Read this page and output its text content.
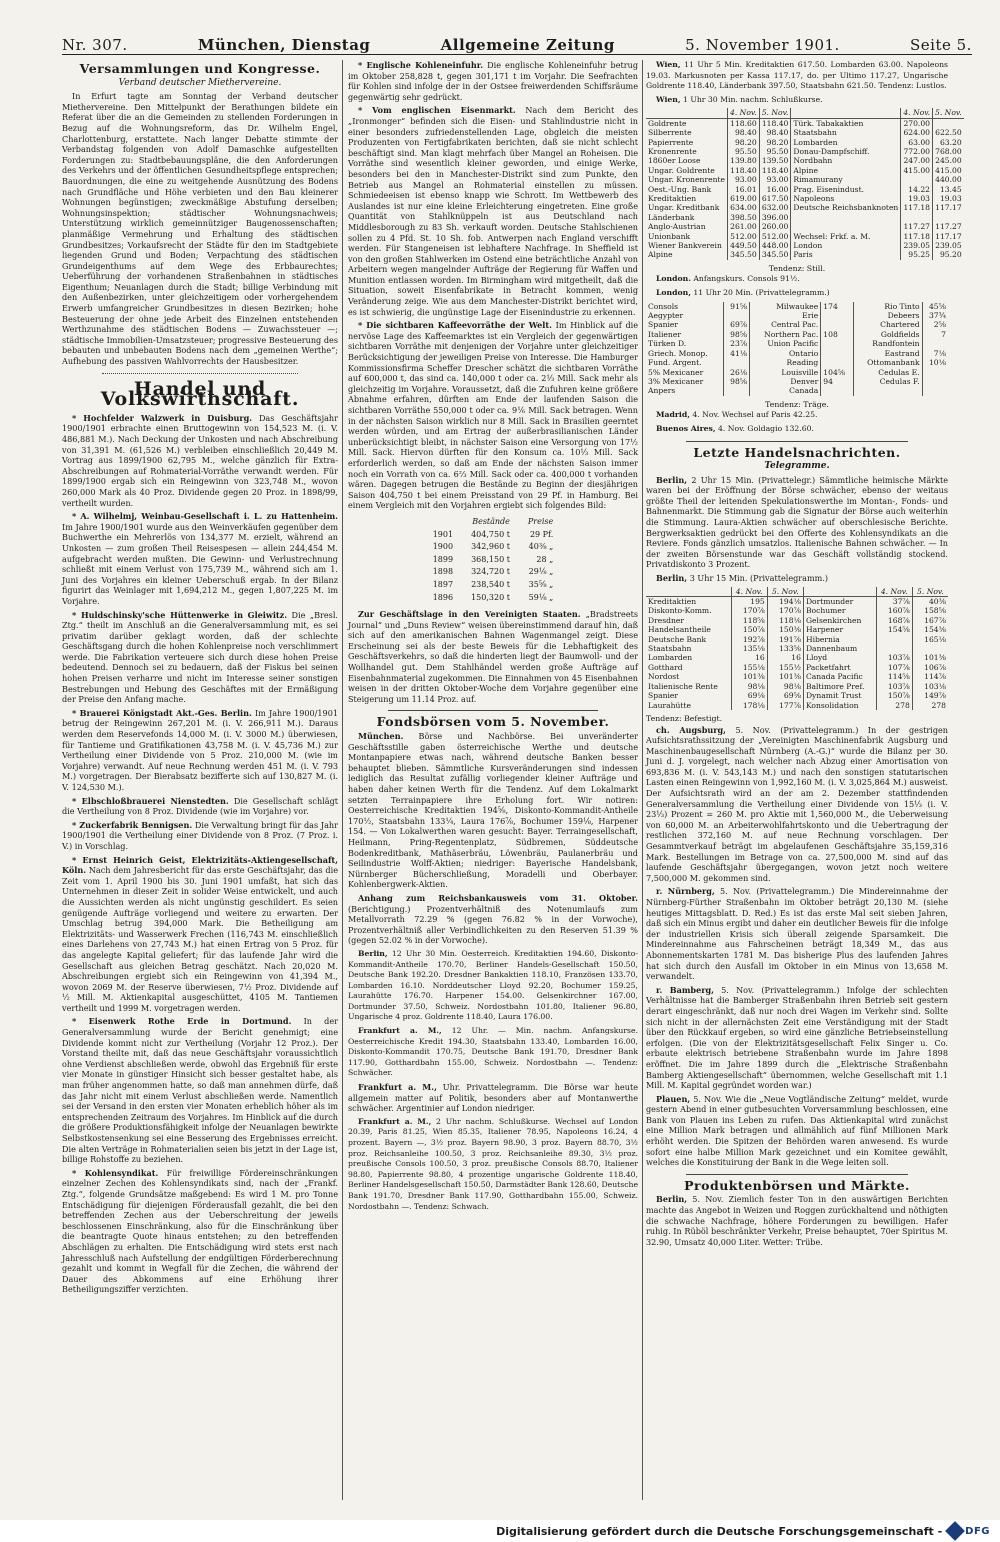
Nr. 307.	München, Dienstag	Allgemeine Zeitung	5. November 1901.	Seite 5.
Versammlungen und Kongresse.
Verband deutscher Miethervereine.

In Erfurt tagte am Sonntag der Verband deutscher Miethervereine. Den Mittelpunkt der Berathungen bildete ein Referat über die an die Gemeinden zu stellenden Forderungen in Bezug auf die Wohnungsreform, das Dr. Wilhelm Engel, Charlottenburg, erstattete. Nach langer Debatte stimmte der Verbandstag folgenden von Adolf Damaschke aufgestellten Forderungen zu: Stadtbebauungspläne, die den Anforderungen des Verkehrs und der öffentlichen Gesundheitspflege entsprechen; Bauordnungen, die eine zu weitgehende Ausnützung des Bodens nach Grundfläche und Höhe verbieten und den Bau kleinerer Wohnungen begünstigen; zweckmäßige Abstufung derselben; Wohnungsinspektion; städtischer Wohnungsnachweis; Unterstützung wirklich gemeinnütziger Baugenossenschaften; planmäßige Vermehrung und Erhaltung des städtischen Grundbesitzes; Vorkaufsrecht der Städte für den im Stadtgebiete liegenden Grund und Boden; Verpachtung des städtischen Grundeigenthums auf dem Wege des Erbbaurechtes; Ueberführung der vorhandenen Straßenbahnen in städtisches Eigenthum; Neuanlagen durch die Stadt; billige Verbindung mit den Außenbezirken, unter gleichzeitigem oder vorhergehendem Erwerb umfangreicher Grundbesitzes in diesen Bezirken; hohe Besteuerung der ohne jede Arbeit des Einzelnen entstehenden Werthzunahme des städtischen Bodens — Zuwachssteuer —; städtische Immobilien-Umsatzsteuer; progressive Besteuerung des bebauten und unbebauten Bodens nach dem „gemeinen Werthe“; Aufhebung des passiven Wahlvorrechts der Hausbesitzer.

Handel und Volkswirthschaft.

* Hochfelder Walzwerk in Duisburg. Das Geschäftsjahr 1900/1901 erbrachte einen Bruttogewinn von 154,523 M. (i. V. 486,881 M.). Nach Deckung der Unkosten und nach Abschreibung von 31,391 M. (61,526 M.) verbleiben einschließlich 20,449 M. Vortrag aus 1899/1900 62,795 M., welche gänzlich für Extra-Abschreibungen auf Rohmaterial-Vorräthe verwandt werden. Für 1899/1900 ergab sich ein Reingewinn von 323,748 M., wovon 260,000 Mark als 40 Proz. Dividende gegen 20 Proz. in 1898/99, vertheilt wurden.

* A. Wilhelmj, Weinbau-Gesellschaft i. L. zu Hattenheim. Im Jahre 1900/1901 wurde aus den Weinverkäufen gegenüber dem Buchwerthe ein Mehrerlös von 134,377 M. erzielt, während an Unkosten — zum großen Theil Reisespesen — allein 244,454 M. aufgebracht werden mußten. Die Gewinn- und Verlustrechnung schließt mit einem Verlust von 175,739 M., während sich am 1. Juni des Vorjahres ein kleiner Ueberschuß ergab. In der Bilanz figurirt das Weinlager mit 1,694,212 M., gegen 1,807,225 M. im Vorjahre.

* Huldschinsky'sche Hüttenwerke in Gleiwitz. Die „Bresl. Ztg.“ theilt im Anschluß an die Generalversammlung mit, es sei privatim darüber geklagt worden, daß der schlechte Geschäftsgang durch die hohen Kohlenpreise noch verschlimmert werde. Die Fabrikation verteuere sich durch diese hohen Preise bedeutend. Dennoch sei zu bedauern, daß der Fiskus bei seinen hohen Preisen verharre und nicht im Interesse seiner sonstigen Bestrebungen und Hebung des Geschäftes mit der Ermäßigung der Preise den Anfang mache.

* Brauerei Königstadt Akt.-Ges. Berlin. Im Jahre 1900/1901 betrug der Reingewinn 267,201 M. (i. V. 266,911 M.). Daraus werden dem Reservefonds 14,000 M. (i. V. 3000 M.) überwiesen, für Tantieme und Gratifikationen 43,758 M. (i. V. 45,736 M.) zur Vertheilung einer Dividende von 5 Proz. 210,000 M. (wie im Vorjahre) verwandt. Auf neue Rechnung werden 451 M. (i. V. 793 M.) vorgetragen. Der Bierabsatz bezifferte sich auf 130,827 M. (i. V. 124,530 M.).

* Elbschloßbrauerei Nienstedten. Die Gesellschaft schlägt die Vertheilung von 8 Proz. Dividende (wie im Vorjahre) vor.

* Zuckerfabrik Bennigsen. Die Verwaltung bringt für das Jahr 1900/1901 die Vertheilung einer Dividende von 8 Proz. (7 Proz. i. V.) in Vorschlag.

* Ernst Heinrich Geist, Elektrizitäts-Aktiengesellschaft, Köln. Nach dem Jahresbericht für das erste Geschäftsjahr, das die Zeit vom 1. April 1900 bis 30. Juni 1901 umfaßt, hat sich das Unternehmen in dieser Zeit in solider Weise entwickelt, und auch die Aussichten werden als nicht ungünstig geschildert. Es seien genügende Aufträge vorliegend und weitere zu erwarten. Der Umschlag betrug 394,000 Mark. Die Betheiligung am Elektrizitäts- und Wasserwerk Frechen (116,743 M. einschließlich eines Darlehens von 27,743 M.) hat einen Ertrag von 5 Proz. für das angelegte Kapital geliefert; für das laufende Jahr wird die Gesellschaft aus gleichen Betrag geschätzt. Nach 20,020 M. Abschreibungen ergiebt sich ein Reingewinn von 41,394 M., wovon 2069 M. der Reserve überwiesen, 7½ Proz. Dividende auf ½ Mill. M. Aktienkapital ausgeschüttet, 4105 M. Tantiemen vertheilt und 1999 M. vorgetragen werden.

* Eisenwerk Rothe Erde in Dortmund. In der Generalversammlung wurde der Bericht genehmigt; eine Dividende kommt nicht zur Vertheilung (Vorjahr 12 Proz.). Der Vorstand theilte mit, daß das neue Geschäftsjahr voraussichtlich ohne Verdienst abschließen werde, obwohl das Ergebniß für erste vier Monate in günstiger Hinsicht sich besser gestaltet habe, als man früher angenommen hatte, so daß man annehmen dürfe, daß das Jahr nicht mit einem Verlust abschließen werde. Namentlich sei der Versand in den ersten vier Monaten erheblich höher als im entsprechenden Zeitraum des Vorjahres. Im Hinblick auf die durch die größere Produktionsfähigkeit infolge der Neuanlagen bewirkte Selbstkostensenkung sei eine Besserung des Ergebnisses erreicht. Die alten Verträge in Rohmaterialien seien bis jetzt in der Lage ist, billige Rohstoffe zu beziehen.

* Kohlensyndikat. Für freiwillige Fördereinschränkungen einzelner Zechen des Kohlensyndikats sind, nach der „Frankf. Ztg.“, folgende Grundsätze maßgebend: Es wird 1 M. pro Tonne Entschädigung für diejenigen Förderausfall gezahlt, die bei den betreffenden Zechen aus der Ueberschreitung der jeweils beschlossenen Einschränkung, also für die Einschränkung über die beantragte Quote hinaus entstehen; zu den betreffenden Abschlägen zu erhalten. Die Entschädigung wird stets erst nach Jahresschluß nach Aufstellung der endgültigen Förderberechnung gezahlt und kommt in Wegfall für die Zechen, die während der Dauer des Abkommens auf eine Erhöhung ihrer Betheiligungsziffer verzichten.

* Englische Kohleneinfuhr. Die englische Kohleneinfuhr betrug im Oktober 258,828 t, gegen 301,171 t im Vorjahr. Die Seefrachten für Kohlen sind infolge der in der Ostsee freiwerdenden Schiffsräume gegenwärtig sehr gedrückt.

* Vom englischen Eisenmarkt. Nach dem Bericht des „Ironmonger“ befinden sich die Eisen- und Stahlindustrie nicht in einer besonders zufriedenstellenden Lage, obgleich die meisten Produzenten von Fertigfabrikaten berichten, daß sie nicht schlecht beschäftigt sind. Man klagt mehrfach über Mangel an Roheisen. Die Vorräthe sind wesentlich kleiner geworden, und einige Werke, besonders bei den in Manchester-Distrikt sind zum Punkte, den Betrieb aus Mangel an Rohmaterial einstellen zu müssen. Schmiedeeisen ist ebenso knapp wie Schrott. Im Wettbewerb des Auslandes ist nur eine kleine Erleichterung eingetreten. Eine große Quantität von Stahlknüppeln ist aus Deutschland nach Middlesborough zu 83 Sh. verkauft worden. Deutsche Stahlschienen sollen zu 4 Pfd. St. 10 Sh. fob. Antwerpen nach England verschifft werden. Für Stangeneisen ist lebhaftere Nachfrage. In Sheffield ist von den großen Stahlwerken im Ostend eine beträchtliche Anzahl von Arbeitern wegen mangelnder Aufträge der Regierung für Waffen und Munition entlassen worden. Im Birmingham wird mitgetheilt, daß die Situation, soweit Eisenfabrikate in Betracht kommen, wenig Veränderung zeige. Wie aus dem Manchester-Distrikt berichtet wird, es ist schwierig, die ungünstige Lage der Eisenindustrie zu erkennen.

* Die sichtbaren Kaffeevorräthe der Welt. Im Hinblick auf die nervöse Lage des Kaffeemarktes ist ein Vergleich der gegenwärtigen sichtbaren Vorräthe mit denjenigen der Vorjahre unter gleichzeitiger Berücksichtigung der jeweiligen Preise von Interesse. Die Hamburger Kommissionsfirma Scheffer Drescher schätzt die sichtbaren Vorräthe auf 600,000 t, das sind ca. 140,000 t oder ca. 2⅓ Mill. Sack mehr als gleichzeitig im Vorjahre. Voraussetzt, daß die Zufuhren keine größere Abnahme erfahren, dürften am Ende der laufenden Saison die sichtbaren Vorräthe 550,000 t oder ca. 9⅙ Mill. Sack betragen. Wenn in der nächsten Saison wirklich nur 8 Mill. Sack in Brasilien geerntet werden würden, und am Ertrag der außerbrasilianischen Länder unberücksichtigt bleibt, in nächster Saison eine Versorgung von 17½ Mill. Sack. Hiervon dürften für den Konsum ca. 10⅓ Mill. Sack erforderlich werden, so daß am Ende der nächsten Saison immer noch ein Vorrath von ca. 6⅔ Mill. Sack oder ca. 400,000 t vorhanden wären. Dagegen betrugen die Bestände zu Beginn der diesjährigen Saison 404,750 t bei einem Preisstand von 29 Pf. in Hamburg. Bei einem Vergleich mit den Vorjahren ergiebt sich folgendes Bild:

	Bestände	Preise
1901	404,750 t	29 Pf.
1900	342,960 t	40⅜ „
1899	368,150 t	28 „
1898	324,720 t	29⅛ „
1897	238,540 t	35⅝ „
1896	150,320 t	59⅛ „

Zur Geschäftslage in den Vereinigten Staaten. „Bradstreets Journal“ und „Duns Review“ weisen übereinstimmend darauf hin, daß sich auf den amerikanischen Bahnen Wagenmangel zeigt. Diese Erscheinung sei als der beste Beweis für die Lebhaftigkeit des Geschäftsverkehrs, so daß die hinderten liegt der Baumwoll- und der Wollhandel gut. Dem Stahlhändel werden große Aufträge auf Eisenbahnmaterial zugekommen. Die Einnahmen von 45 Eisenbahnen weisen in der dritten Oktober-Woche dem Vorjahre gegenüber eine Steigerung um 11.14 Proz. auf.

Fondsbörsen vom 5. November.

München. Börse und Nachbörse. Bei unveränderter Geschäftsstille gaben österreichische Werthe und deutsche Montanpapiere etwas nach, während deutsche Banken besser behauptet blieben. Sämmtliche Kursveränderungen sind indessen lediglich das Resultat zufällig vorliegender kleiner Aufträge und haben daher keinen Werth für die Tendenz. Auf dem Lokalmarkt setzten Terrainpapiere ihre Erholung fort. Wir notiren: Oesterreichische Kreditaktien 194⅝, Diskonto-Kommandit-Antheile 170½, Staatsbahn 133¼, Laura 176⅞, Bochumer 159⅛, Harpener 154. — Von Lokalwerthen waren gesucht: Bayer. Terraingesellschaft, Heilmann, Pring-Regentenplatz, Südbremen, Süddeutsche Bodenkreditbank, Mathäserbräu, Löwenbräu, Paulanerbräu und Seilindustrie Wolff-Aktien; niedriger: Bayerische Handelsbank, Nürnberger Bücherschließung, Moradelli und Oberbayer. Kohlenbergwerk-Aktien.

Anhang zum Reichsbankausweis vom 31. Oktober. (Berichtigung.) Prozentverhältniß des Notenumlaufs zum Metallvorrath 72.29 % (gegen 76.82 % in der Vorwoche), Prozentverhältniß aller Verbindlichkeiten zu den Reserven 51.39 % (gegen 52.02 % in der Vorwoche).

Berlin, 12 Uhr 30 Min. Oesterreich. Kreditaktien 194.60, Diskonto-Kommandit-Antheile 170.70, Berliner Handels-Gesellschaft 150.50, Deutsche Bank 192.20. Dresdner Bankaktien 118.10, Französen 133.70, Lombarden 16.10. Norddeutscher Lloyd 92.20, Bochumer 159.25, Laurahütte 176.70. Harpener 154.00. Gelsenkirchner 167.00, Dortmunder 37.50, Schweiz. Nordostbahn 101.80, Italiener 96.80, Ungarische 4 proz. Goldrente 118.40, Laura 176.00.

Frankfurt a. M., 12 Uhr. — Min. nachm. Anfangskurse. Oesterreichische Kredit 194.30, Staatsbahn 133.40, Lombarden 16.00, Diskonto-Kommandit 170.75, Deutsche Bank 191.70, Dresdner Bank 117.90, Gotthardbahn 155.00, Schweiz. Nordostbahn —. Tendenz: Schwächer.

Frankfurt a. M., Uhr. Privattelegramm. Die Börse war heute allgemein matter auf Politik, besonders aber auf Montanwerthe schwächer. Argentinier auf London niedriger.

Frankfurt a. M., 2 Uhr nachm. Schlußkurse. Wechsel auf London 20.39, Paris 81.25, Wien 85.35, Italiener 78.95, Napoleons 16.24, 4 prozent. Bayern —, 3½ proz. Bayern 98.90, 3 proz. Bayern 88.70, 3½ proz. Reichsanleihe 100.50, 3 proz. Reichsanleihe 89.30, 3½ proz. preußische Consols 100.50, 3 proz. preußische Consols 88.70, Italiener 98.80, Papierrente 98.80, 4 prozentige ungarische Goldrente 118.40, Berliner Handelsgesellschaft 150.50, Darmstädter Bank 128.60, Deutsche Bank 191.70, Dresdner Bank 117.90, Gotthardbahn 155.00, Schweiz. Nordostbahn —. Tendenz: Schwach.

Wien, 11 Uhr 5 Min. Kreditaktien 617.50. Lombarden 63.00. Napoleons 19.03. Markusnoten per Kassa 117.17, do. per Ultimo 117.27, Ungarische Goldrente 118.40, Länderbank 397.50, Staatsbahn 621.50. Tendenz: Lustlos.

Wien, 1 Uhr 30 Min. nachm. Schlußkurse.

	4. Nov.	5. Nov.		4. Nov.	5. Nov.
Goldrente	118.60	118.40	Türk. Tabakaktien	270.00	
Silberrente	98.40	98.40	Staatsbahn	624.00	622.50
Papierrente	98.20	98.20	Lombarden	63.00	63.20
Kronenrente	95.50	95.50	Donau-Dampfschiff.	772.00	768.00
1860er Loose	139.80	139.50	Nordbahn	247.00	245.00
Ungar. Goldrente	118.40	118.40	Alpine	415.00	415.00
Ungar. Kronenrente	93.00	93.00	Rimamurany		440.00
Oest.-Ung. Bank	16.01	16.00	Prag. Eisenindust.	14.22	13.45
Kreditaktien	619.00	617.50	Napoleons	19.03	19.03
Ungar. Kreditbank	634.00	632.00	Deutsche Reichsbanknoten	117.18	117.17
Länderbank	398.50	396.00			
Anglo-Austrian	261.00	260.00		117.27	117.27
Unionbank	512.00	512.00	Wechsel: Frkf. a. M.	117.18	117.17
Wiener Bankverein	449.50	448.00	London	239.05	239.05
Alpine	345.50	345.50	Paris	95.25	95.20
Tendenz: Still.

London. Anfangskurs. Consols 91½.

London, 11 Uhr 20 Min. (Privattelegramm.)

Consols	91⅝	Milwaukee	174	Rio Tinto	45⅝
Aegypter		Erie		Debeers	37¾
Spanier	69⅞	Central Pac.		Chartered	2⅝
Italiener	98⅝	Northern Pac.	108	Goldfields	7
Türken D.	23⅞	Union Pacific		Randfontein	
Griech. Monop.	41⅛	Ontario		Eastrand	7⅛
Fund. Argent.		Reading		Ottomanbank	10⅛
5% Mexicaner	26⅛	Louisville	104⅝	Cedulas E.	
3% Mexicaner	98⅝	Denver	94	Cedulas F.	
Anpers		Canada			
Tendenz: Träge.

Madrid, 4. Nov. Wechsel auf Paris 42.25.

Buenos Aires, 4. Nov. Goldagio 132.60.

Letzte Handelsnachrichten.
Telegramme.

Berlin, 2 Uhr 15 Min. (Privattelegr.) Sämmtliche heimische Märkte waren bei der Eröffnung der Börse schwächer, ebenso der weitaus größte Theil der leitenden Spekulationswerthe im Montan-, Fonds- und Bahnenmarkt. Die Stimmung gab die Signatur der Börse auch weiterhin die Stimmung. Laura-Aktien schwächer auf oberschlesische Berichte. Bergwerksaktien gedrückt bei den Offerte des Kohlensyndikats an die Reviere. Fonds gänzlich umsatzlos. Italienische Bahnen schwächer. — In der zweiten Börsenstunde war das Geschäft vollständig stockend. Privatdiskonto 3 Prozent.

Berlin, 3 Uhr 15 Min. (Privattelegramm.)

	4. Nov.	5. Nov.		4. Nov.	5. Nov.
Kreditaktien	195	194⅛	Dortmunder	37⅞	40⅜
Diskonto-Komm.	170⅞	170⅞	Bochumer	160⅞	158⅝
Dresdner	118⅝	118⅛	Gelsenkirchen	168⅞	167⅞
Handelsantheile	150⅞	150⅜	Harpener	154⅝	154⅜
Deutsche Bank	192⅞	191⅞	Hibernia		165⅛
Staatsbahn	135⅛	133⅝	Dannenbaum		
Lombarden	16	16	Lloyd	103⅞	101⅜
Gotthard	155⅛	155½	Packetfahrt	107⅞	106⅞
Nordost	101⅜	101⅜	Canada Pacific	114⅝	114⅞
Italienische Rente	98⅛	98⅛	Baltimore Pref.	103⅞	103⅛
Spanier	69⅛	69⅝	Dynamit Trust	150⅞	149⅞
Laurahütte	178⅛	177⅞	Konsolidation	278	278
Tendenz: Befestigt.

ch. Augsburg, 5. Nov. (Privattelegramm.) In der gestrigen Aufsichtsrathssitzung der „Vereinigten Maschinenfabrik Augsburg und Maschinenbaugesellschaft Nürnberg (A.-G.)“ wurde die Bilanz per 30. Juni d. J. vorgelegt, nach welcher nach Abzug einer Amortisation von 693,836 M. (i. V. 543,143 M.) und nach den sonstigen statutarischen Lasten einen Reingewinn von 1,992,160 M. (i. V. 3,025,864 M.) ausweist. Der Aufsichtsrath wird an der am 2. Dezember stattfindenden Generalversammlung die Vertheilung einer Dividende von 15⅓ (i. V. 23⅓) Prozent = 260 M. pro Aktie mit 1,560,000 M., die Ueberweisung von 60,000 M. an Arbeiterwohlfahrtskonto und die Uebertragung der restlichen 372,160 M. auf neue Rechnung vorschlagen. Der Gesammtverkauf beträgt im abgelaufenen Geschäftsjahre 35,159,316 Mark. Bestellungen im Betrage von ca. 27,500,000 M. sind auf das laufende Geschäftsjahr übergegangen, wovon jetzt noch weitere 7,500,000 M. gekommen sind.

r. Nürnberg, 5. Nov. (Privattelegramm.) Die Mindereinnahme der Nürnberg-Fürther Straßenbahn im Oktober beträgt 20,130 M. (siehe heutiges Mittagsblatt. D. Red.) Es ist das erste Mal seit sieben Jahren, daß sich ein Minus ergibt und daher ein deutlicher Beweis für die infolge der industriellen Krisis sich überall zeigende Sparsamkeit. Die Mindereinnahme aus Fahrscheinen beträgt 18,349 M., das aus Abonnementskarten 1781 M. Das bisherige Plus des laufenden Jahres hat sich durch den Ausfall im Oktober in ein Minus von 13,658 M. verwandelt.

r. Bamberg, 5. Nov. (Privattelegramm.) Infolge der schlechten Verhältnisse hat die Bamberger Straßenbahn ihren Betrieb seit gestern derart eingeschränkt, daß nur noch drei Wagen im Verkehr sind. Sollte sich nicht in der allernächsten Zeit eine Verständigung mit der Stadt über den Rückkauf ergeben, so wird eine gänzliche Betriebseinstellung erfolgen. (Die von der Elektrizitätsgesellschaft Felix Singer u. Co. erbaute elektrisch betriebene Straßenbahn wurde im Jahre 1898 eröffnet. Die im Jahre 1899 durch die „Elektrische Straßenbahn Bamberg Aktiengesellschaft“ übernommen, welche Gesellschaft mit 1.1 Mill. M. Kapital gegründet worden war.)

Plauen, 5. Nov. Wie die „Neue Vogtländische Zeitung“ meldet, wurde gestern Abend in einer gutbesuchten Vorversammlung beschlossen, eine Bank von Plauen ins Leben zu rufen. Das Aktienkapital wird zunächst eine Million Mark betragen und allmählich auf fünf Millionen Mark erhöht werden. Die Spitzen der Behörden waren anwesend. Es wurde sofort eine halbe Million Mark gezeichnet und ein Komitee gewählt, welches die Konstituirung der Bank in die Wege leiten soll.

Produktenbörsen und Märkte.

Berlin, 5. Nov. Ziemlich fester Ton in den auswärtigen Berichten machte das Angebot in Weizen und Roggen zurückhaltend und nöthigten die schwache Nachfrage, höhere Forderungen zu bewilligen. Hafer ruhig. In Rüböl beschränkter Verkehr, Preise behauptet, 70er Spiritus M. 32.90, Umsatz 40,000 Liter. Wetter: Trübe.

Digitalisierung gefördert durch die Deutsche Forschungsgemeinschaft - DFG
